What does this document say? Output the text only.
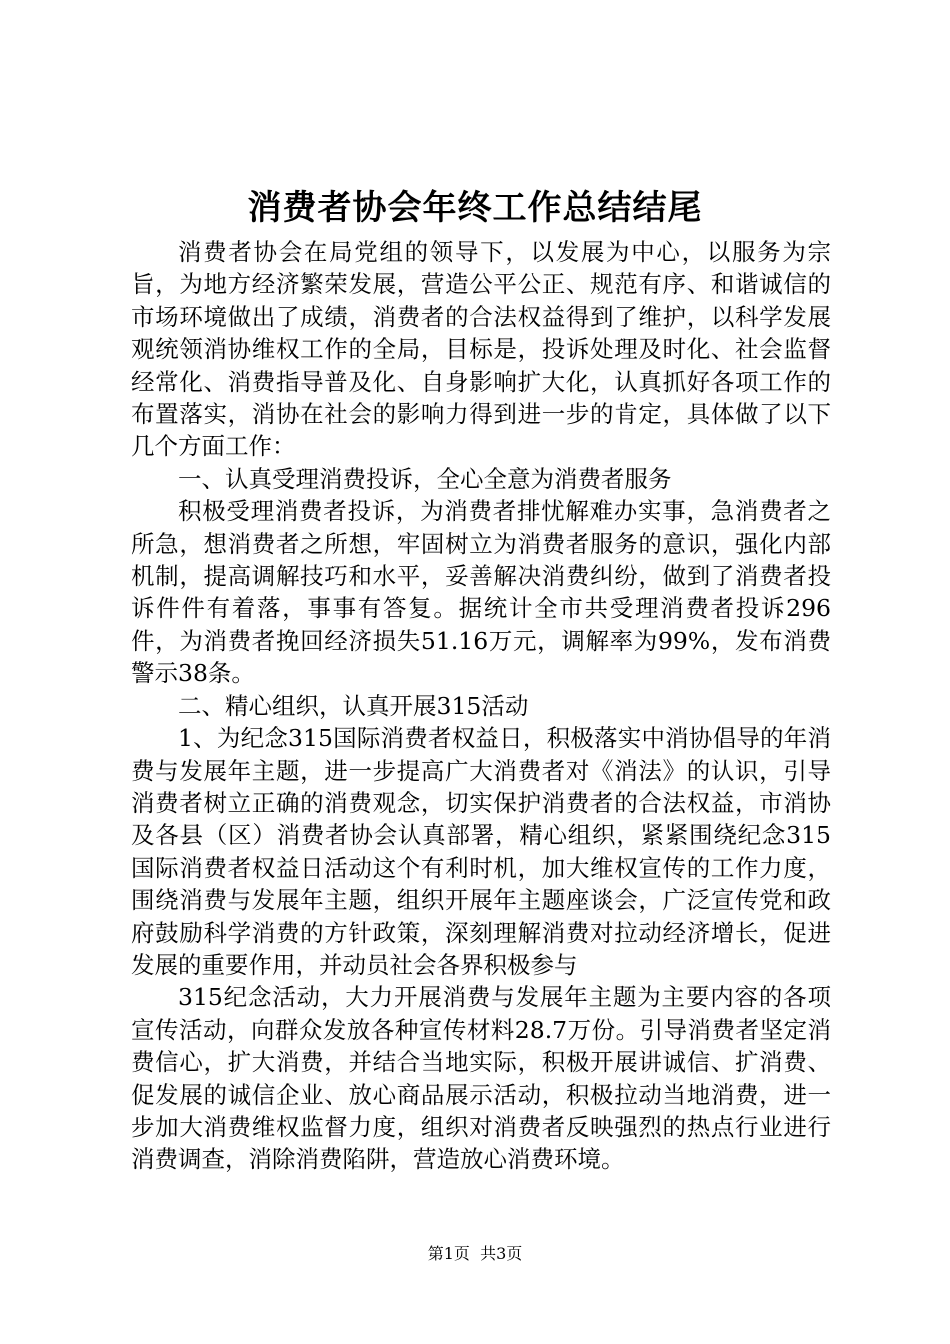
消费者协会年终工作总结结尾

消费者协会在局党组的领导下，以发展为中心，以服务为宗旨，为地方经济繁荣发展，营造公平公正、规范有序、和谐诚信的市场环境做出了成绩，消费者的合法权益得到了维护，以科学发展观统领消协维权工作的全局，目标是，投诉处理及时化、社会监督经常化、消费指导普及化、自身影响扩大化，认真抓好各项工作的布置落实，消协在社会的影响力得到进一步的肯定，具体做了以下几个方面工作：

一、认真受理消费投诉，全心全意为消费者服务

积极受理消费者投诉，为消费者排忧解难办实事，急消费者之所急，想消费者之所想，牢固树立为消费者服务的意识，强化内部机制，提高调解技巧和水平，妥善解决消费纠纷，做到了消费者投诉件件有着落，事事有答复。据统计全市共受理消费者投诉296件，为消费者挽回经济损失51.16万元，调解率为99%，发布消费警示38条。

二、精心组织，认真开展315活动

1、为纪念315国际消费者权益日，积极落实中消协倡导的年消费与发展年主题，进一步提高广大消费者对《消法》的认识，引导消费者树立正确的消费观念，切实保护消费者的合法权益，市消协及各县（区）消费者协会认真部署，精心组织，紧紧围绕纪念315国际消费者权益日活动这个有利时机，加大维权宣传的工作力度，围绕消费与发展年主题，组织开展年主题座谈会，广泛宣传党和政府鼓励科学消费的方针政策，深刻理解消费对拉动经济增长，促进发展的重要作用，并动员社会各界积极参与

315纪念活动，大力开展消费与发展年主题为主要内容的各项宣传活动，向群众发放各种宣传材料28.7万份。引导消费者坚定消费信心，扩大消费，并结合当地实际，积极开展讲诚信、扩消费、促发展的诚信企业、放心商品展示活动，积极拉动当地消费，进一步加大消费维权监督力度，组织对消费者反映强烈的热点行业进行消费调查，消除消费陷阱，营造放心消费环境。

第1页 共3页
